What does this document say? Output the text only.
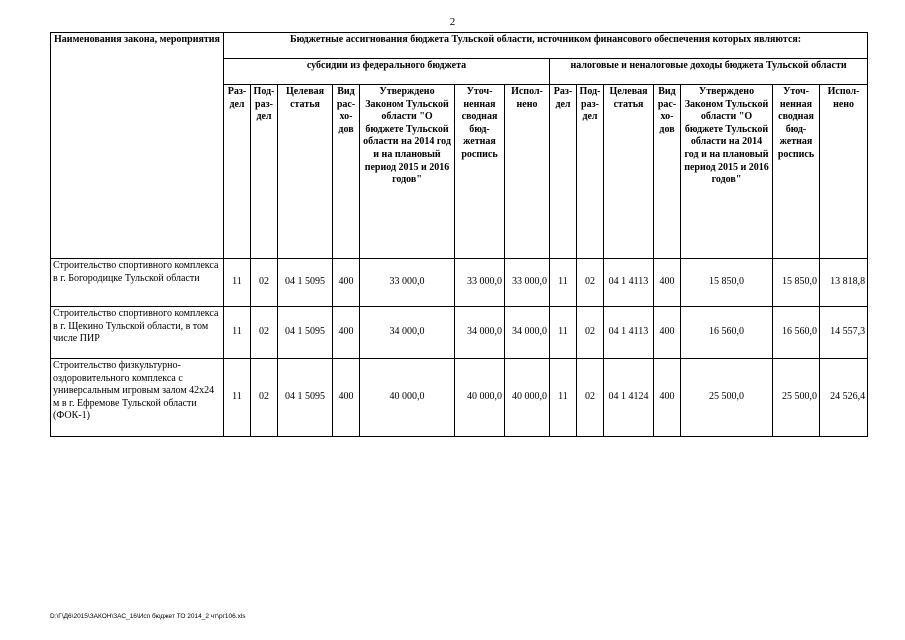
2
Наименования закона, мероприятия	Бюджетные ассигнования бюджета Тульской области, источником финансового обеспечения которых являются:													
	субсидии из федерального бюджета							налоговые и неналоговые доходы бюджета Тульской области						
	Раз-дел	Под-раз-дел	Целевая статья	Вид рас-хо-дов	Утверждено Законом Тульской области "О бюджете Тульской области на 2014 год и на плановый период 2015 и 2016 годов"	Уточ-ненная сводная бюд-жетная роспись	Испол-нено	Раз-дел	Под-раз-дел	Целевая статья	Вид рас-хо-дов	Утверждено Законом Тульской области "О бюджете Тульской области на 2014 год и на плановый период 2015 и 2016 годов"	Уточ-ненная сводная бюд-жетная роспись	Испол-нено
Строительство спортивного комплекса в г. Богородицке Тульской области	11	02	04 1 5095	400	33 000,0	33 000,0	33 000,0	11	02	04 1 4113	400	15 850,0	15 850,0	13 818,8
Строительство спортивного комплекса в г. Щекино Тульской области, в том числе ПИР	11	02	04 1 5095	400	34 000,0	34 000,0	34 000,0	11	02	04 1 4113	400	16 560,0	16 560,0	14 557,3
Строительство физкультурно-оздоровительного комплекса с универсальным игровым залом 42х24 м в г. Ефремове Тульской области (ФОК-1)	11	02	04 1 5095	400	40 000,0	40 000,0	40 000,0	11	02	04 1 4124	400	25 500,0	25 500,0	24 526,4
D:\Г\Д6\2015\ЗАКОН\ЗАС_16\Исп бюджет ТО 2014_2 чт\рг106.xls
